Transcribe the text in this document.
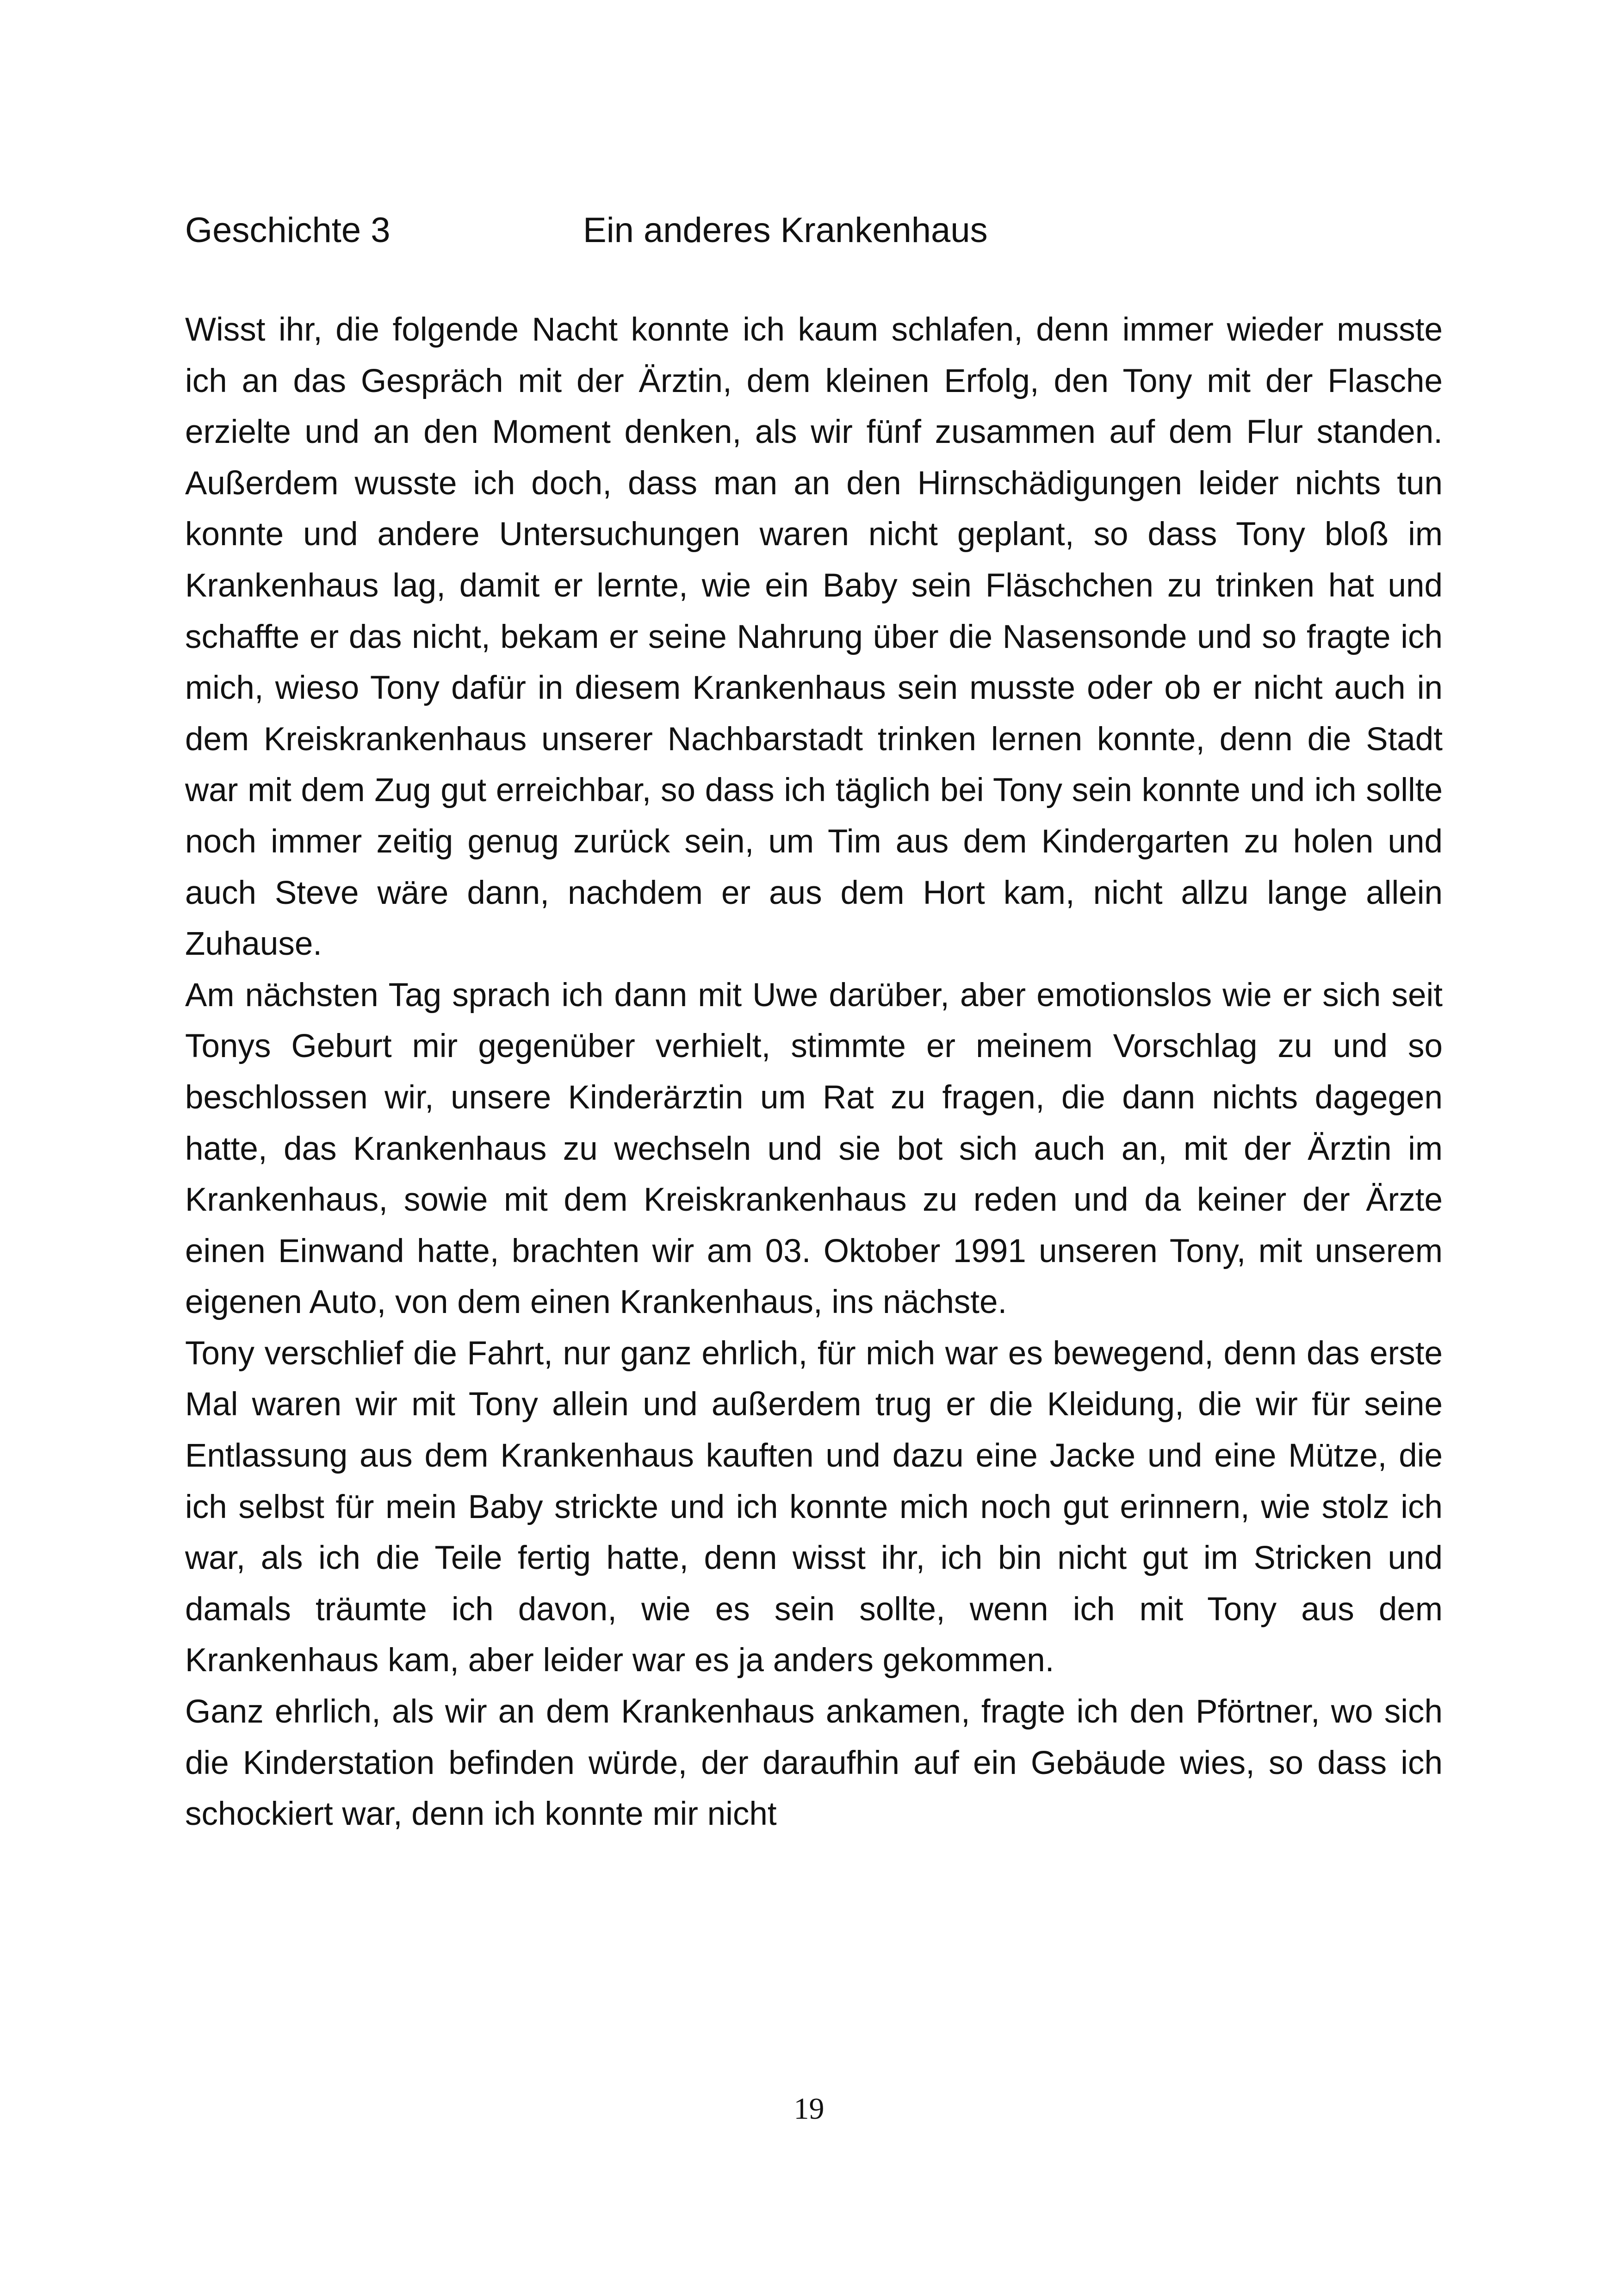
Geschichte 3	Ein anderes Krankenhaus

Wisst ihr, die folgende Nacht konnte ich kaum schlafen, denn immer wieder musste ich an das Gespräch mit der Ärztin, dem kleinen Erfolg, den Tony mit der Flasche erzielte und an den Moment denken, als wir fünf zusammen auf dem Flur standen. Außerdem wusste ich doch, dass man an den Hirnschädigungen leider nichts tun konnte und andere Untersuchungen waren nicht geplant, so dass Tony bloß im Krankenhaus lag, damit er lernte, wie ein Baby sein Fläschchen zu trinken hat und schaffte er das nicht, bekam er seine Nahrung über die Nasensonde und so fragte ich mich, wieso Tony dafür in diesem Krankenhaus sein musste oder ob er nicht auch in dem Kreiskrankenhaus unserer Nachbarstadt trinken lernen konnte, denn die Stadt war mit dem Zug gut erreichbar, so dass ich täglich bei Tony sein konnte und ich sollte noch immer zeitig genug zurück sein, um Tim aus dem Kindergarten zu holen und auch Steve wäre dann, nachdem er aus dem Hort kam, nicht allzu lange allein Zuhause.

Am nächsten Tag sprach ich dann mit Uwe darüber, aber emotionslos wie er sich seit Tonys Geburt mir gegenüber verhielt, stimmte er meinem Vorschlag zu und so beschlossen wir, unsere Kinderärztin um Rat zu fragen, die dann nichts dagegen hatte, das Krankenhaus zu wechseln und sie bot sich auch an, mit der Ärztin im Krankenhaus, sowie mit dem Kreiskrankenhaus zu reden und da keiner der Ärzte einen Einwand hatte, brachten wir am 03. Oktober 1991 unseren Tony, mit unserem eigenen Auto, von dem einen Krankenhaus, ins nächste.

Tony verschlief die Fahrt, nur ganz ehrlich, für mich war es bewegend, denn das erste Mal waren wir mit Tony allein und außerdem trug er die Kleidung, die wir für seine Entlassung aus dem Krankenhaus kauften und dazu eine Jacke und eine Mütze, die ich selbst für mein Baby strickte und ich konnte mich noch gut erinnern, wie stolz ich war, als ich die Teile fertig hatte, denn wisst ihr, ich bin nicht gut im Stricken und damals träumte ich davon, wie es sein sollte, wenn ich mit Tony aus dem Krankenhaus kam, aber leider war es ja anders gekommen.

Ganz ehrlich, als wir an dem Krankenhaus ankamen, fragte ich den Pförtner, wo sich die Kinderstation befinden würde, der daraufhin auf ein Gebäude wies, so dass ich schockiert war, denn ich konnte mir nicht

19
